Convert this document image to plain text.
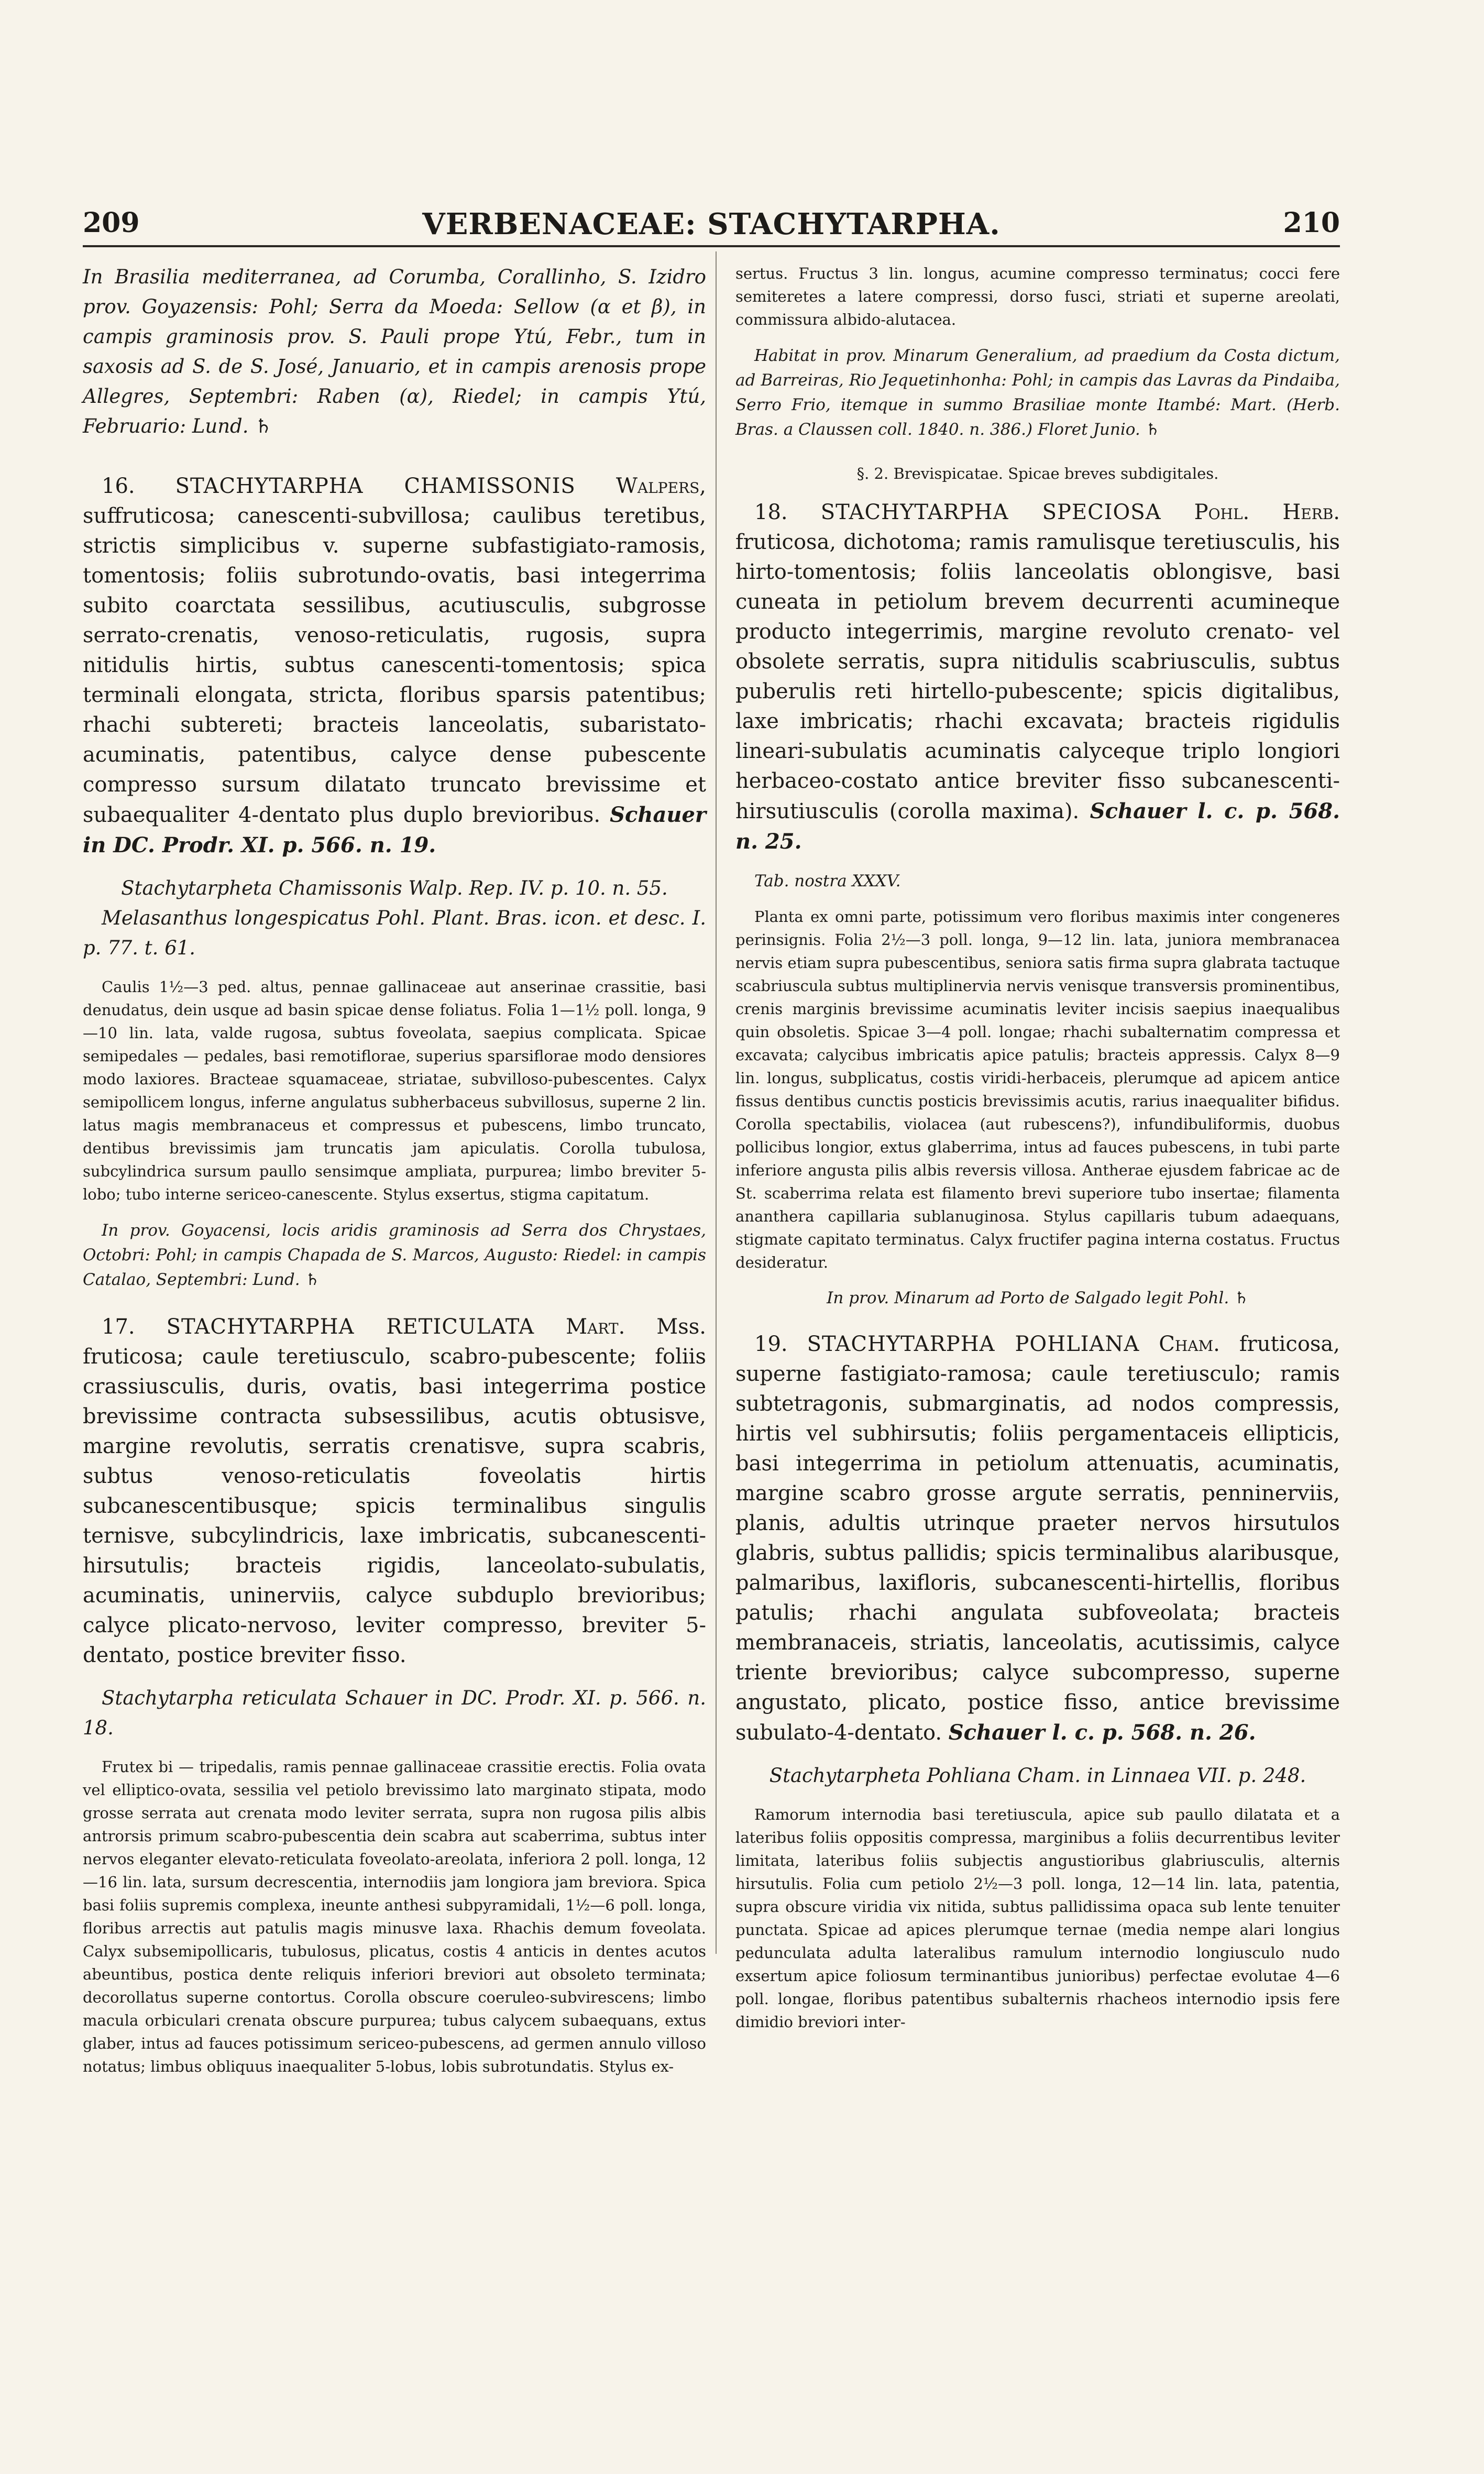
209	VERBENACEAE: STACHYTARPHA.	210

In Brasilia mediterranea, ad Corumba, Corallinho, S. Izidro prov. Goyazensis: Pohl; Serra da Moeda: Sellow (α et β), in campis graminosis prov. S. Pauli prope Ytú, Febr., tum in saxosis ad S. de S. José, Januario, et in campis arenosis prope Allegres, Septembri: Raben (α), Riedel; in campis Ytú, Februario: Lund. ♄

16. STACHYTARPHA CHAMISSONIS Walpers, suffruticosa; canescenti-subvillosa; caulibus teretibus, strictis simplicibus v. superne subfastigiato-ramosis, tomentosis; foliis subrotundo-ovatis, basi integerrima subito coarctata sessilibus, acutiusculis, subgrosse serrato-crenatis, venoso-reticulatis, rugosis, supra nitidulis hirtis, subtus canescenti-tomentosis; spica terminali elongata, stricta, floribus sparsis patentibus; rhachi subtereti; bracteis lanceolatis, subaristato-acuminatis, patentibus, calyce dense pubescente compresso sursum dilatato truncato brevissime et subaequaliter 4-dentato plus duplo brevioribus. Schauer in DC. Prodr. XI. p. 566. n. 19.

Stachytarpheta Chamissonis Walp. Rep. IV. p. 10. n. 55.

Melasanthus longespicatus Pohl. Plant. Bras. icon. et desc. I. p. 77. t. 61.

Caulis 1½—3 ped. altus, pennae gallinaceae aut anserinae crassitie, basi denudatus, dein usque ad basin spicae dense foliatus. Folia 1—1½ poll. longa, 9—10 lin. lata, valde rugosa, subtus foveolata, saepius complicata. Spicae semipedales — pedales, basi remotiflorae, superius sparsiflorae modo densiores modo laxiores. Bracteae squamaceae, striatae, subvilloso-pubescentes. Calyx semipollicem longus, inferne angulatus subherbaceus subvillosus, superne 2 lin. latus magis membranaceus et compressus et pubescens, limbo truncato, dentibus brevissimis jam truncatis jam apiculatis. Corolla tubulosa, subcylindrica sursum paullo sensimque ampliata, purpurea; limbo breviter 5-lobo; tubo interne sericeo-canescente. Stylus exsertus, stigma capitatum.

In prov. Goyacensi, locis aridis graminosis ad Serra dos Chrystaes, Octobri: Pohl; in campis Chapada de S. Marcos, Augusto: Riedel: in campis Catalao, Septembri: Lund. ♄

17. STACHYTARPHA RETICULATA Mart. Mss. fruticosa; caule teretiusculo, scabro-pubescente; foliis crassiusculis, duris, ovatis, basi integerrima postice brevissime contracta subsessilibus, acutis obtusisve, margine revolutis, serratis crenatisve, supra scabris, subtus venoso-reticulatis foveolatis hirtis subcanescentibusque; spicis terminalibus singulis ternisve, subcylindricis, laxe imbricatis, subcanescenti-hirsutulis; bracteis rigidis, lanceolato-subulatis, acuminatis, uninerviis, calyce subduplo brevioribus; calyce plicato-nervoso, leviter compresso, breviter 5-dentato, postice breviter fisso.

Stachytarpha reticulata Schauer in DC. Prodr. XI. p. 566. n. 18.

Frutex bi — tripedalis, ramis pennae gallinaceae crassitie erectis. Folia ovata vel elliptico-ovata, sessilia vel petiolo brevissimo lato marginato stipata, modo grosse serrata aut crenata modo leviter serrata, supra non rugosa pilis albis antrorsis primum scabro-pubescentia dein scabra aut scaberrima, subtus inter nervos eleganter elevato-reticulata foveolato-areolata, inferiora 2 poll. longa, 12—16 lin. lata, sursum decrescentia, internodiis jam longiora jam breviora. Spica basi foliis supremis complexa, ineunte anthesi subpyramidali, 1½—6 poll. longa, floribus arrectis aut patulis magis minusve laxa. Rhachis demum foveolata. Calyx subsemipollicaris, tubulosus, plicatus, costis 4 anticis in dentes acutos abeuntibus, postica dente reliquis inferiori breviori aut obsoleto terminata; decorollatus superne contortus. Corolla obscure coeruleo-subvirescens; limbo macula orbiculari crenata obscure purpurea; tubus calycem subaequans, extus glaber, intus ad fauces potissimum sericeo-pubescens, ad germen annulo villoso notatus; limbus obliquus inaequaliter 5-lobus, lobis subrotundatis. Stylus ex-

sertus. Fructus 3 lin. longus, acumine compresso terminatus; cocci fere semiteretes a latere compressi, dorso fusci, striati et superne areolati, commissura albido-alutacea.

Habitat in prov. Minarum Generalium, ad praedium da Costa dictum, ad Barreiras, Rio Jequetinhonha: Pohl; in campis das Lavras da Pindaiba, Serro Frio, itemque in summo Brasiliae monte Itambé: Mart. (Herb. Bras. a Claussen coll. 1840. n. 386.) Floret Junio. ♄

§. 2. Brevispicatae. Spicae breves subdigitales.

18. STACHYTARPHA SPECIOSA Pohl. Herb. fruticosa, dichotoma; ramis ramulisque teretiusculis, his hirto-tomentosis; foliis lanceolatis oblongisve, basi cuneata in petiolum brevem decurrenti acumineque producto integerrimis, margine revoluto crenato- vel obsolete serratis, supra nitidulis scabriusculis, subtus puberulis reti hirtello-pubescente; spicis digitalibus, laxe imbricatis; rhachi excavata; bracteis rigidulis lineari-subulatis acuminatis calyceque triplo longiori herbaceo-costato antice breviter fisso subcanescenti-hirsutiusculis (corolla maxima). Schauer l. c. p. 568. n. 25.

Tab. nostra XXXV.

Planta ex omni parte, potissimum vero floribus maximis inter congeneres perinsignis. Folia 2½—3 poll. longa, 9—12 lin. lata, juniora membranacea nervis etiam supra pubescentibus, seniora satis firma supra glabrata tactuque scabriuscula subtus multiplinervia nervis venisque transversis prominentibus, crenis marginis brevissime acuminatis leviter incisis saepius inaequalibus quin obsoletis. Spicae 3—4 poll. longae; rhachi subalternatim compressa et excavata; calycibus imbricatis apice patulis; bracteis appressis. Calyx 8—9 lin. longus, subplicatus, costis viridi-herbaceis, plerumque ad apicem antice fissus dentibus cunctis posticis brevissimis acutis, rarius inaequaliter bifidus. Corolla spectabilis, violacea (aut rubescens?), infundibuliformis, duobus pollicibus longior, extus glaberrima, intus ad fauces pubescens, in tubi parte inferiore angusta pilis albis reversis villosa. Antherae ejusdem fabricae ac de St. scaberrima relata est filamento brevi superiore tubo insertae; filamenta ananthera capillaria sublanuginosa. Stylus capillaris tubum adaequans, stigmate capitato terminatus. Calyx fructifer pagina interna costatus. Fructus desideratur.

In prov. Minarum ad Porto de Salgado legit Pohl. ♄

19. STACHYTARPHA POHLIANA Cham. fruticosa, superne fastigiato-ramosa; caule teretiusculo; ramis subtetragonis, submarginatis, ad nodos compressis, hirtis vel subhirsutis; foliis pergamentaceis ellipticis, basi integerrima in petiolum attenuatis, acuminatis, margine scabro grosse argute serratis, penninerviis, planis, adultis utrinque praeter nervos hirsutulos glabris, subtus pallidis; spicis terminalibus alaribusque, palmaribus, laxifloris, subcanescenti-hirtellis, floribus patulis; rhachi angulata subfoveolata; bracteis membranaceis, striatis, lanceolatis, acutissimis, calyce triente brevioribus; calyce subcompresso, superne angustato, plicato, postice fisso, antice brevissime subulato-4-dentato. Schauer l. c. p. 568. n. 26.

Stachytarpheta Pohliana Cham. in Linnaea VII. p. 248.

Ramorum internodia basi teretiuscula, apice sub paullo dilatata et a lateribus foliis oppositis compressa, marginibus a foliis decurrentibus leviter limitata, lateribus foliis subjectis angustioribus glabriusculis, alternis hirsutulis. Folia cum petiolo 2½—3 poll. longa, 12—14 lin. lata, patentia, supra obscure viridia vix nitida, subtus pallidissima opaca sub lente tenuiter punctata. Spicae ad apices plerumque ternae (media nempe alari longius pedunculata adulta lateralibus ramulum internodio longiusculo nudo exsertum apice foliosum terminantibus junioribus) perfectae evolutae 4—6 poll. longae, floribus patentibus subalternis rhacheos internodio ipsis fere dimidio breviori inter-
